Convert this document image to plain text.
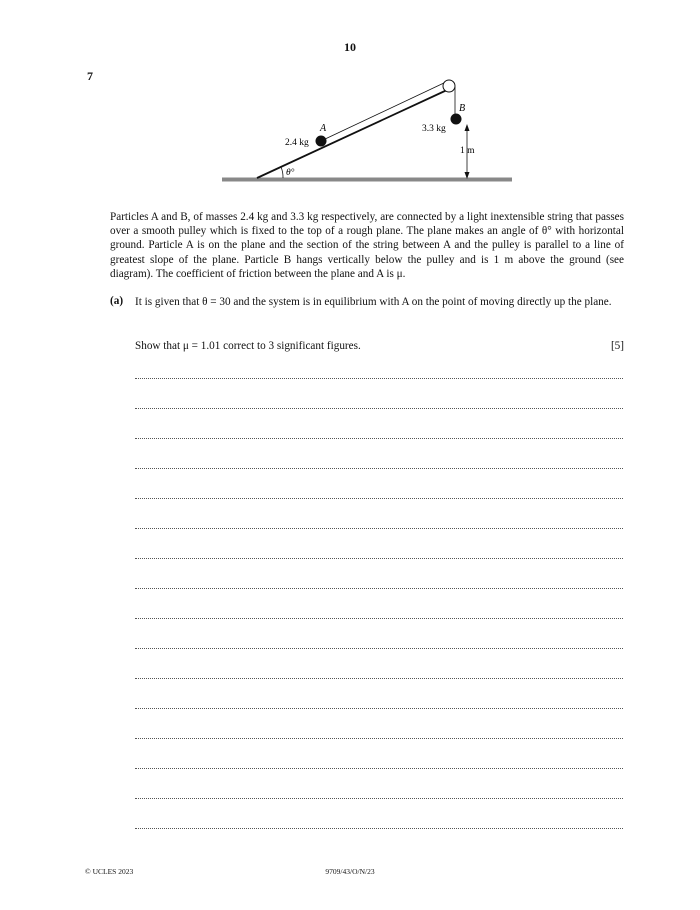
10
7
A
B
2.4 kg
3.3 kg
1 m
θ°
Particles A and B, of masses 2.4 kg and 3.3 kg respectively, are connected by a light inextensible string that passes over a smooth pulley which is fixed to the top of a rough plane. The plane makes an angle of θ° with horizontal ground. Particle A is on the plane and the section of the string between A and the pulley is parallel to a line of greatest slope of the plane. Particle B hangs vertically below the pulley and is 1 m above the ground (see diagram). The coefficient of friction between the plane and A is μ.
(a) It is given that θ = 30 and the system is in equilibrium with A on the point of moving directly up the plane.
Show that μ = 1.01 correct to 3 significant figures.	[5]
© UCLES 2023	9709/43/O/N/23
